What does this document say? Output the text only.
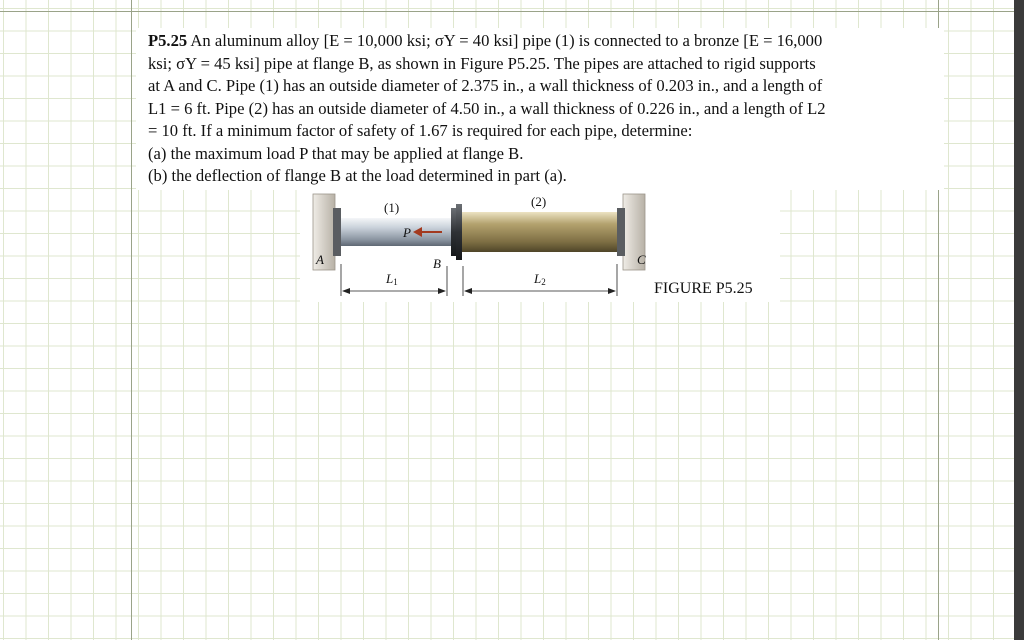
P5.25 An aluminum alloy [E = 10,000 ksi; σY = 40 ksi] pipe (1) is connected to a bronze [E = 16,000
ksi; σY = 45 ksi] pipe at flange B, as shown in Figure P5.25. The pipes are attached to rigid supports
at A and C. Pipe (1) has an outside diameter of 2.375 in., a wall thickness of 0.203 in., and a length of
L1 = 6 ft. Pipe (2) has an outside diameter of 4.50 in., a wall thickness of 0.226 in., and a length of L2
= 10 ft. If a minimum factor of safety of 1.67 is required for each pipe, determine:
(a) the maximum load P that may be applied at flange B.
(b) the deflection of flange B at the load determined in part (a).
(1)	(2)
P
A	B	C
L1	L2	FIGURE P5.25
